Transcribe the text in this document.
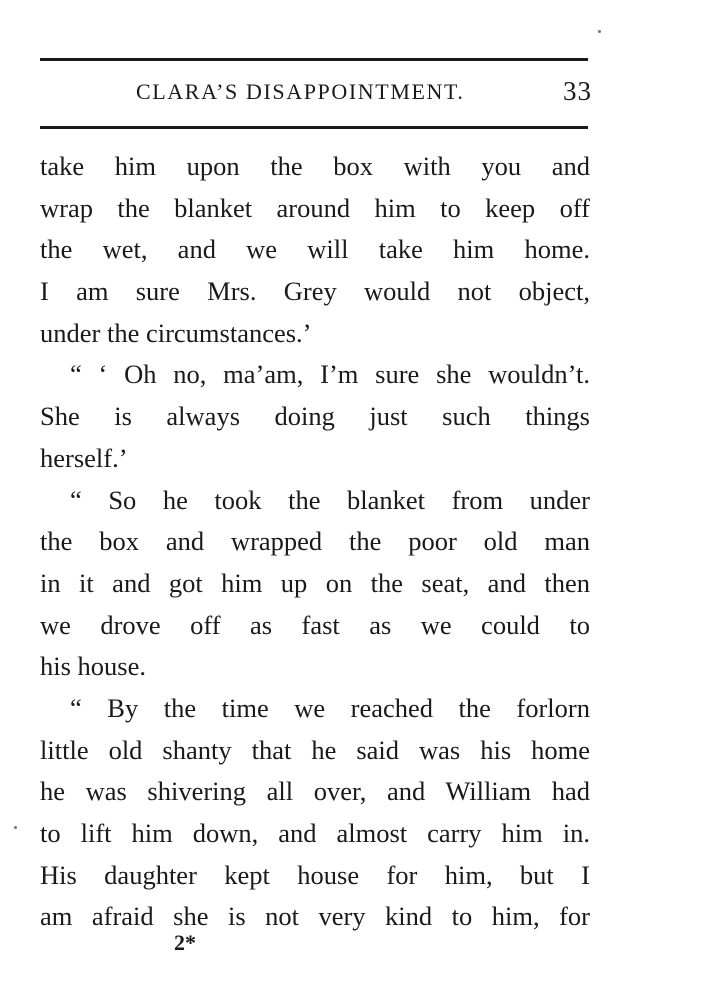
CLARA’S DISAPPOINTMENT.	33
take him upon the box with you and
wrap the blanket around him to keep off
the wet, and we will take him home.
I am sure Mrs. Grey would not object,
under the circumstances.’
“ ‘ Oh no, ma’am, I’m sure she wouldn’t.
She is always doing just such things
herself.’
“ So he took the blanket from under
the box and wrapped the poor old man
in it and got him up on the seat, and then
we drove off as fast as we could to
his house.
“ By the time we reached the forlorn
little old shanty that he said was his home
he was shivering all over, and William had
to lift him down, and almost carry him in.
His daughter kept house for him, but I
am afraid she is not very kind to him, for
2*
